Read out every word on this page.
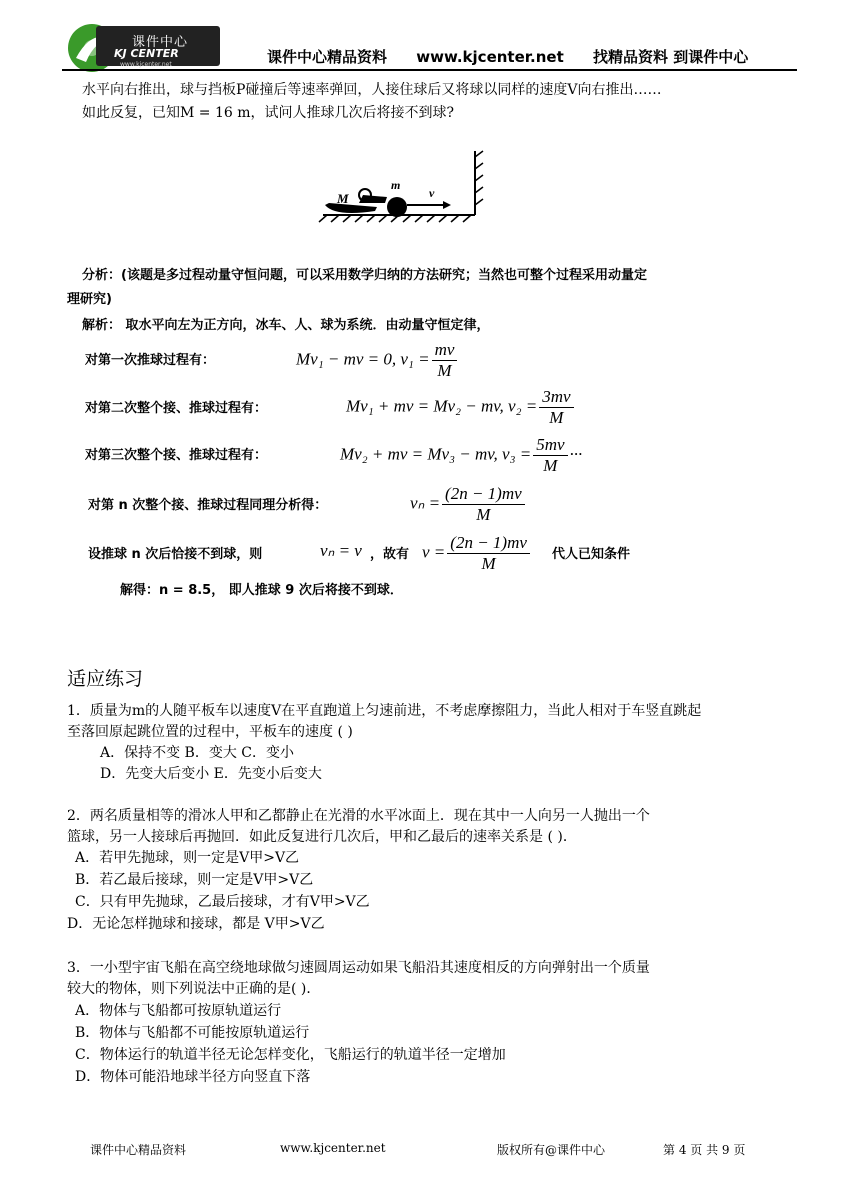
课件中心
KJ CENTER
www.kjcenter.net	课件中心精品资料 www.kjcenter.net 找精品资料 到课件中心
水平向右推出，球与挡板P碰撞后等速率弹回，人接住球后又将球以同样的速度V向右推出……
如此反复，已知M = 16 m，试问人推球几次后将接不到球?
M
m
v
分析：(该题是多过程动量守恒问题，可以采用数学归纳的方法研究；当然也可整个过程采用动量定
理研究)
解析： 取水平向左为正方向，冰车、人、球为系统．由动量守恒定律，
对第一次推球过程有：	Mv₁ − mv = 0, $v_1 = \frac{mv}{M}$
对第二次整个接、推球过程有：	Mv₁ + mv = Mv₂ − mv, $v_2 = \frac{3mv}{M}$
对第三次整个接、推球过程有：	Mv₂ + mv = Mv₃ − mv, $v_3 = \frac{5mv}{M}$ ···
对第 n 次整个接、推球过程同理分析得：	$v_n = \frac{(2n - 1)mv}{M}$
设推球 n 次后恰接不到球，则	vₙ = v ，故有 $v = \frac{(2n - 1)mv}{M}$ 代人已知条件
解得：n = 8.5， 即人推球 9 次后将接不到球．
适应练习
1．质量为m的人随平板车以速度V在平直跑道上匀速前进，不考虑摩擦阻力，当此人相对于车竖直跳起
至落回原起跳位置的过程中，平板车的速度 ( )
A．保持不变 B．变大 C．变小
D．先变大后变小 E．先变小后变大
2．两名质量相等的滑冰人甲和乙都静止在光滑的水平冰面上．现在其中一人向另一人抛出一个
篮球，另一人接球后再抛回．如此反复进行几次后，甲和乙最后的速率关系是 ( )．
A．若甲先抛球，则一定是V甲>V乙
B．若乙最后接球，则一定是V甲>V乙
C．只有甲先抛球，乙最后接球，才有V甲>V乙
D．无论怎样抛球和接球，都是 V甲>V乙
3．一小型宇宙飞船在高空绕地球做匀速圆周运动如果飞船沿其速度相反的方向弹射出一个质量
较大的物体，则下列说法中正确的是( )．
A．物体与飞船都可按原轨道运行
B．物体与飞船都不可能按原轨道运行
C．物体运行的轨道半径无论怎样变化，飞船运行的轨道半径一定增加
D．物体可能沿地球半径方向竖直下落
课件中心精品资料	www.kjcenter.net	版权所有@课件中心	第 4 页 共 9 页
